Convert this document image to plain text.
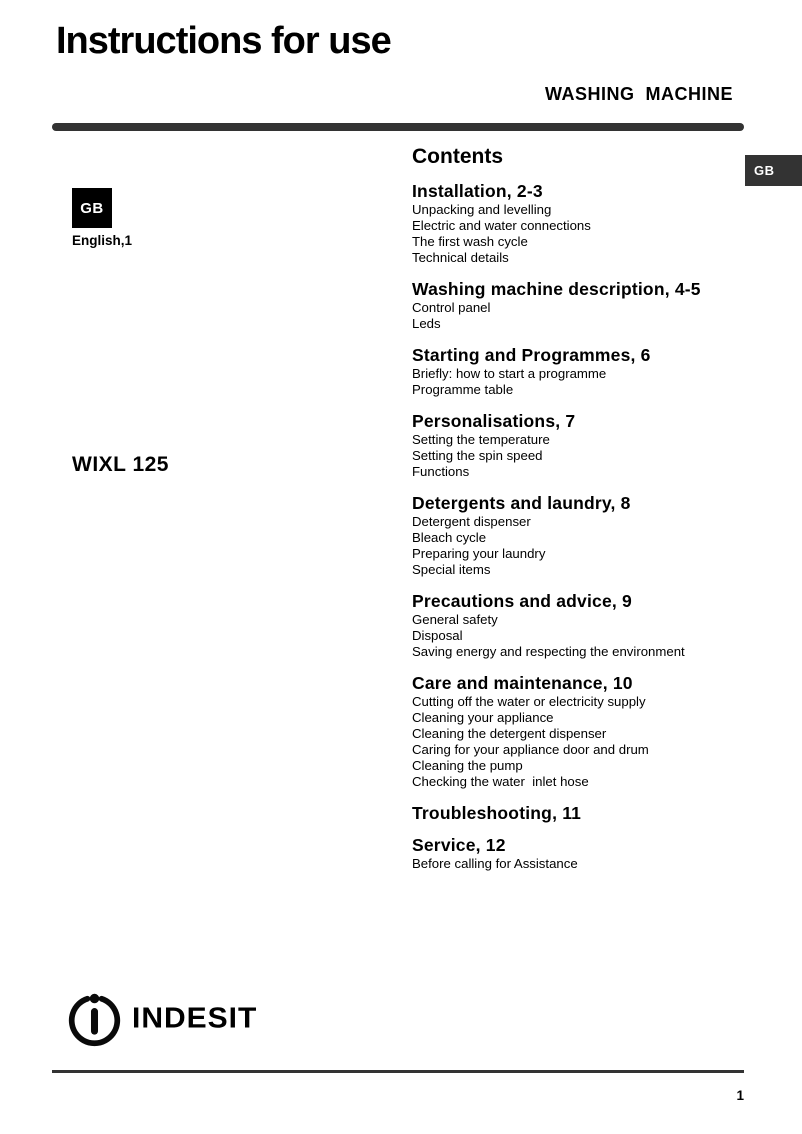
Instructions for use
WASHING  MACHINE
GB
GB
English,1
WIXL 125
Contents
Installation, 2-3
Unpacking and levelling
Electric and water connections
The first wash cycle
Technical details
Washing machine description, 4-5
Control panel
Leds
Starting and Programmes, 6
Briefly: how to start a programme
Programme table
Personalisations, 7
Setting the temperature
Setting the spin speed
Functions
Detergents and laundry, 8
Detergent dispenser
Bleach cycle
Preparing your laundry
Special items
Precautions and advice, 9
General safety
Disposal
Saving energy and respecting the environment
Care and maintenance, 10
Cutting off the water or electricity supply
Cleaning your appliance
Cleaning the detergent dispenser
Caring for your appliance door and drum
Cleaning the pump
Checking the water  inlet hose
Troubleshooting, 11
Service, 12
Before calling for Assistance
INDESIT
1
